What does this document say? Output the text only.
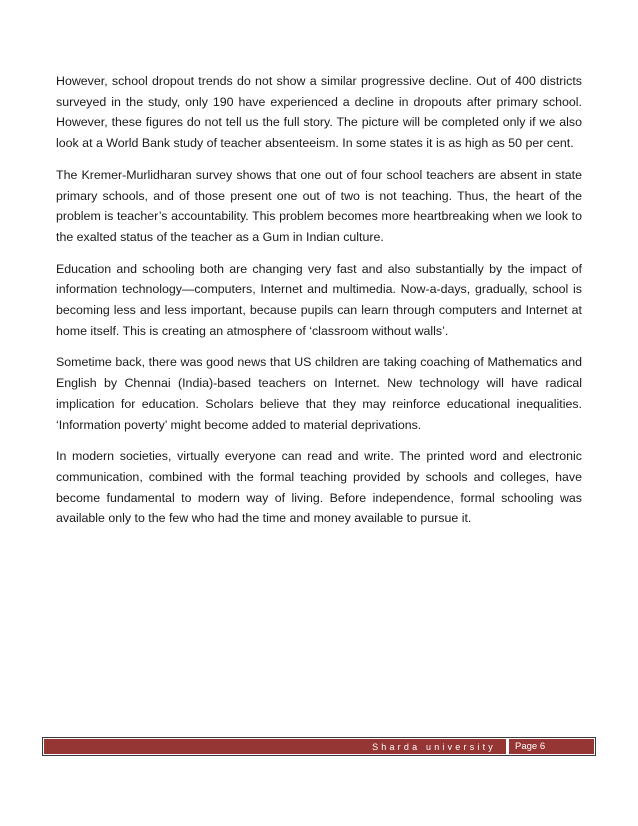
However, school dropout trends do not show a similar progressive decline. Out of 400 districts surveyed in the study, only 190 have experienced a decline in dropouts after primary school. However, these figures do not tell us the full story. The picture will be completed only if we also look at a World Bank study of teacher absenteeism. In some states it is as high as 50 per cent.

The Kremer-Murlidharan survey shows that one out of four school teachers are absent in state primary schools, and of those present one out of two is not teaching. Thus, the heart of the problem is teacher’s accountability. This problem becomes more heartbreaking when we look to the exalted status of the teacher as a Gum in Indian culture.

Education and schooling both are changing very fast and also substantially by the impact of information technology—computers, Internet and multimedia. Now-a-days, gradually, school is becoming less and less important, because pupils can learn through computers and Internet at home itself. This is creating an atmosphere of ‘classroom without walls’.

Sometime back, there was good news that US children are taking coaching of Mathematics and English by Chennai (India)-based teachers on Internet. New technology will have radical implication for education. Scholars believe that they may reinforce educational inequalities. ‘Information poverty’ might become added to material deprivations.

In modern societies, virtually everyone can read and write. The printed word and electronic communication, combined with the formal teaching provided by schools and colleges, have become fundamental to modern way of living. Before independence, formal schooling was available only to the few who had the time and money available to pursue it.

Sharda university	Page 6
